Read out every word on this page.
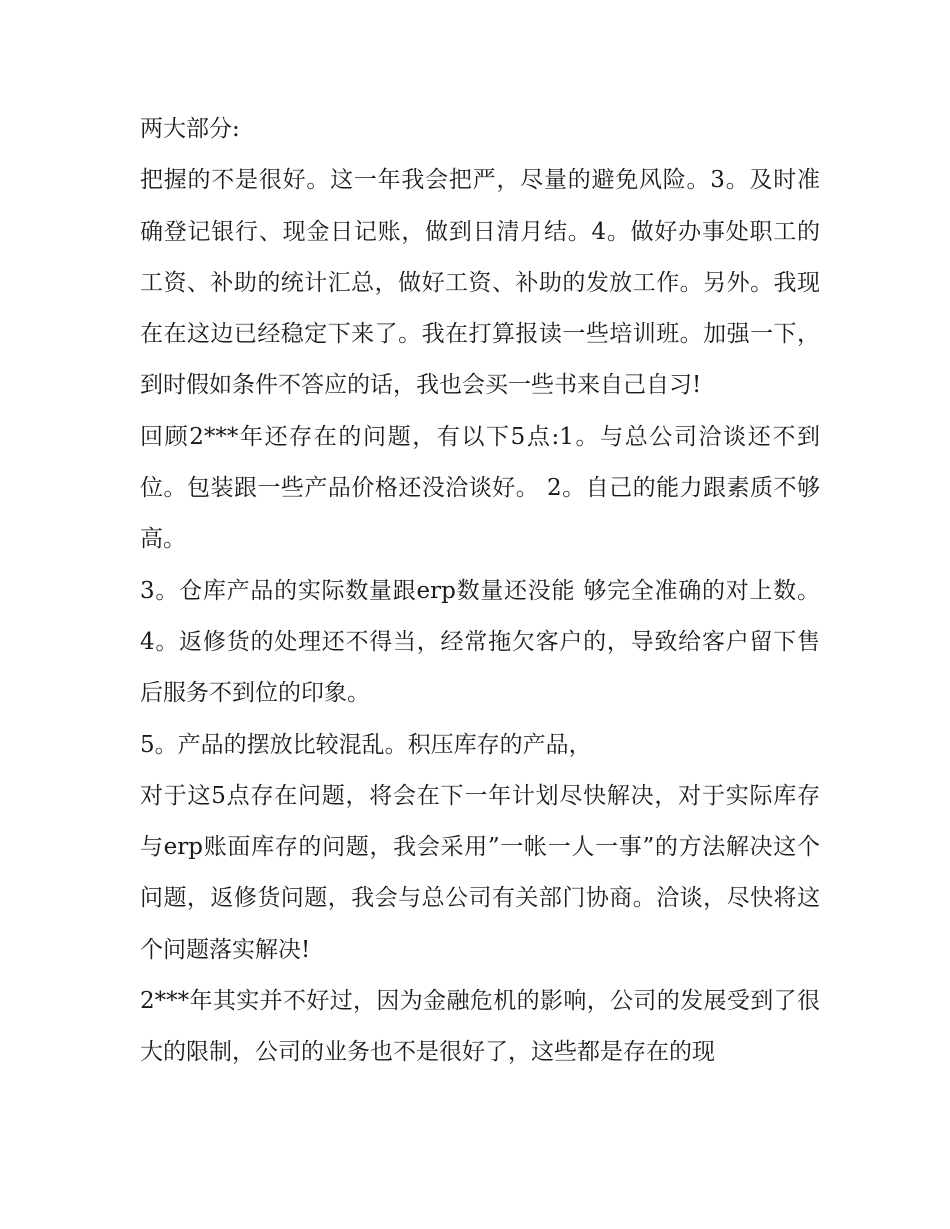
两大部分:

把握的不是很好。这一年我会把严，尽量的避免风险。3。及时准确登记银行、现金日记账，做到日清月结。4。做好办事处职工的工资、补助的统计汇总，做好工资、补助的发放工作。另外。我现在在这边已经稳定下来了。我在打算报读一些培训班。加强一下，到时假如条件不答应的话，我也会买一些书来自己自习!

回顾2***年还存在的问题，有以下5点:1。与总公司洽谈还不到位。包装跟一些产品价格还没洽谈好。 2。自己的能力跟素质不够高。

3。仓库产品的实际数量跟erp数量还没能 够完全准确的对上数。 4。返修货的处理还不得当，经常拖欠客户的，导致给客户留下售后服务不到位的印象。

5。产品的摆放比较混乱。积压库存的产品，

对于这5点存在问题，将会在下一年计划尽快解决，对于实际库存与erp账面库存的问题，我会采用”一帐一人一事”的方法解决这个问题，返修货问题，我会与总公司有关部门协商。洽谈，尽快将这个问题落实解决!

2***年其实并不好过，因为金融危机的影响，公司的发展受到了很大的限制，公司的业务也不是很好了，这些都是存在的现
